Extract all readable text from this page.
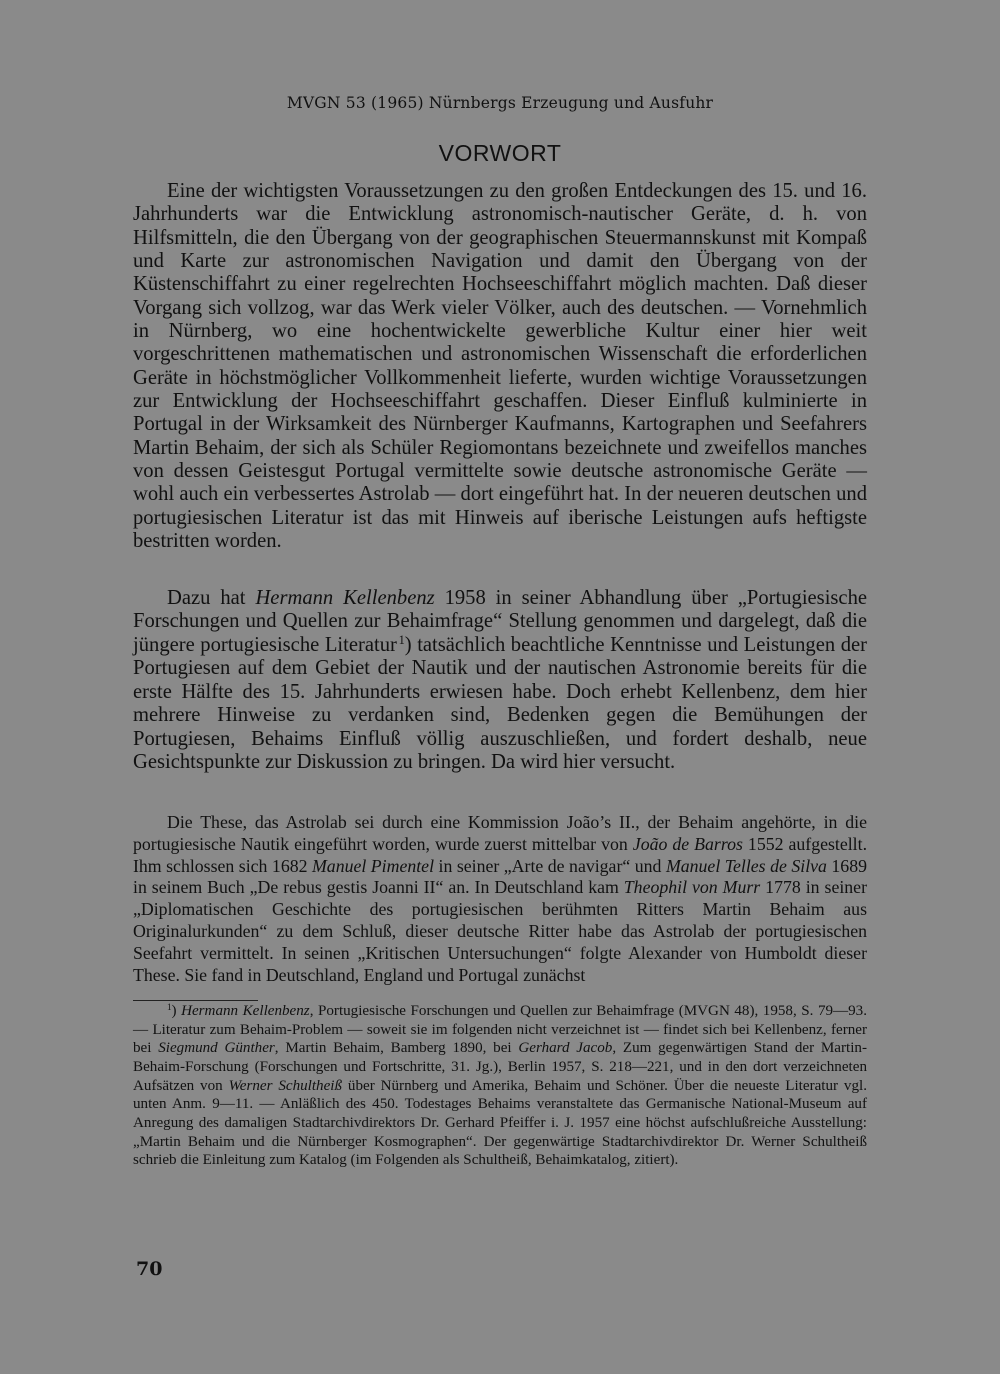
MVGN 53 (1965) Nürnbergs Erzeugung und Ausfuhr
VORWORT

Eine der wichtigsten Voraussetzungen zu den großen Entdeckungen des 15. und 16. Jahrhunderts war die Entwicklung astronomisch-nautischer Geräte, d. h. von Hilfsmitteln, die den Übergang von der geographischen Steuermannskunst mit Kompaß und Karte zur astronomischen Navigation und damit den Übergang von der Küstenschiffahrt zu einer regelrechten Hochseeschiffahrt möglich machten. Daß dieser Vorgang sich vollzog, war das Werk vieler Völker, auch des deutschen. — Vornehmlich in Nürnberg, wo eine hochentwickelte gewerbliche Kultur einer hier weit vorgeschrittenen mathematischen und astronomischen Wissenschaft die erforderlichen Geräte in höchstmöglicher Vollkommenheit lieferte, wurden wichtige Voraussetzungen zur Entwicklung der Hochseeschiffahrt geschaffen. Dieser Einfluß kulminierte in Portugal in der Wirksamkeit des Nürnberger Kaufmanns, Kartographen und Seefahrers Martin Behaim, der sich als Schüler Regiomontans bezeichnete und zweifellos manches von dessen Geistesgut Portugal vermittelte sowie deutsche astronomische Geräte — wohl auch ein verbessertes Astrolab — dort eingeführt hat. In der neueren deutschen und portugiesischen Literatur ist das mit Hinweis auf iberische Leistungen aufs heftigste bestritten worden.

Dazu hat Hermann Kellenbenz 1958 in seiner Abhandlung über „Portugiesische Forschungen und Quellen zur Behaimfrage“ Stellung genommen und dargelegt, daß die jüngere portugiesische Literatur  $^1$) tatsächlich beachtliche Kenntnisse und Leistungen der Portugiesen auf dem Gebiet der Nautik und der nautischen Astronomie bereits für die erste Hälfte des 15. Jahrhunderts erwiesen habe. Doch erhebt Kellenbenz, dem hier mehrere Hinweise zu verdanken sind, Bedenken gegen die Bemühungen der Portugiesen, Behaims Einfluß völlig auszuschließen, und fordert deshalb, neue Gesichtspunkte zur Diskussion zu bringen. Da wird hier versucht.

Die These, das Astrolab sei durch eine Kommission João’s II., der Behaim angehörte, in die portugiesische Nautik eingeführt worden, wurde zuerst mittelbar von João de Barros 1552 aufgestellt. Ihm schlossen sich 1682 Manuel Pimentel in seiner „Arte de navigar“ und Manuel Telles de Silva 1689 in seinem Buch „De rebus gestis Joanni II“ an. In Deutschland kam Theophil von Murr 1778 in seiner „Diplomatischen Geschichte des portugiesischen berühmten Ritters Martin Behaim aus Originalurkunden“ zu dem Schluß, dieser deutsche Ritter habe das Astrolab der portugiesischen Seefahrt vermittelt. In seinen „Kritischen Untersuchungen“ folgte Alexander von Humboldt dieser These. Sie fand in Deutschland, England und Portugal zunächst

$^1$) Hermann Kellenbenz, Portugiesische Forschungen und Quellen zur Behaimfrage (MVGN 48), 1958, S. 79—93. — Literatur zum Behaim-Problem — soweit sie im folgenden nicht verzeichnet ist — findet sich bei Kellenbenz, ferner bei Siegmund Günther, Martin Behaim, Bamberg 1890, bei Gerhard Jacob, Zum gegenwärtigen Stand der Martin-Behaim-Forschung (Forschungen und Fortschritte, 31. Jg.), Berlin 1957, S. 218—221, und in den dort verzeichneten Aufsätzen von Werner Schultheiß über Nürnberg und Amerika, Behaim und Schöner. Über die neueste Literatur vgl. unten Anm. 9—11. — Anläßlich des 450. Todestages Behaims veranstaltete das Germanische National-Museum auf Anregung des damaligen Stadtarchivdirektors Dr. Gerhard Pfeiffer i. J. 1957 eine höchst aufschlußreiche Ausstellung: „Martin Behaim und die Nürnberger Kosmographen“. Der gegenwärtige Stadtarchivdirektor Dr. Werner Schultheiß schrieb die Einleitung zum Katalog (im Folgenden als Schultheiß, Behaimkatalog, zitiert).

70
